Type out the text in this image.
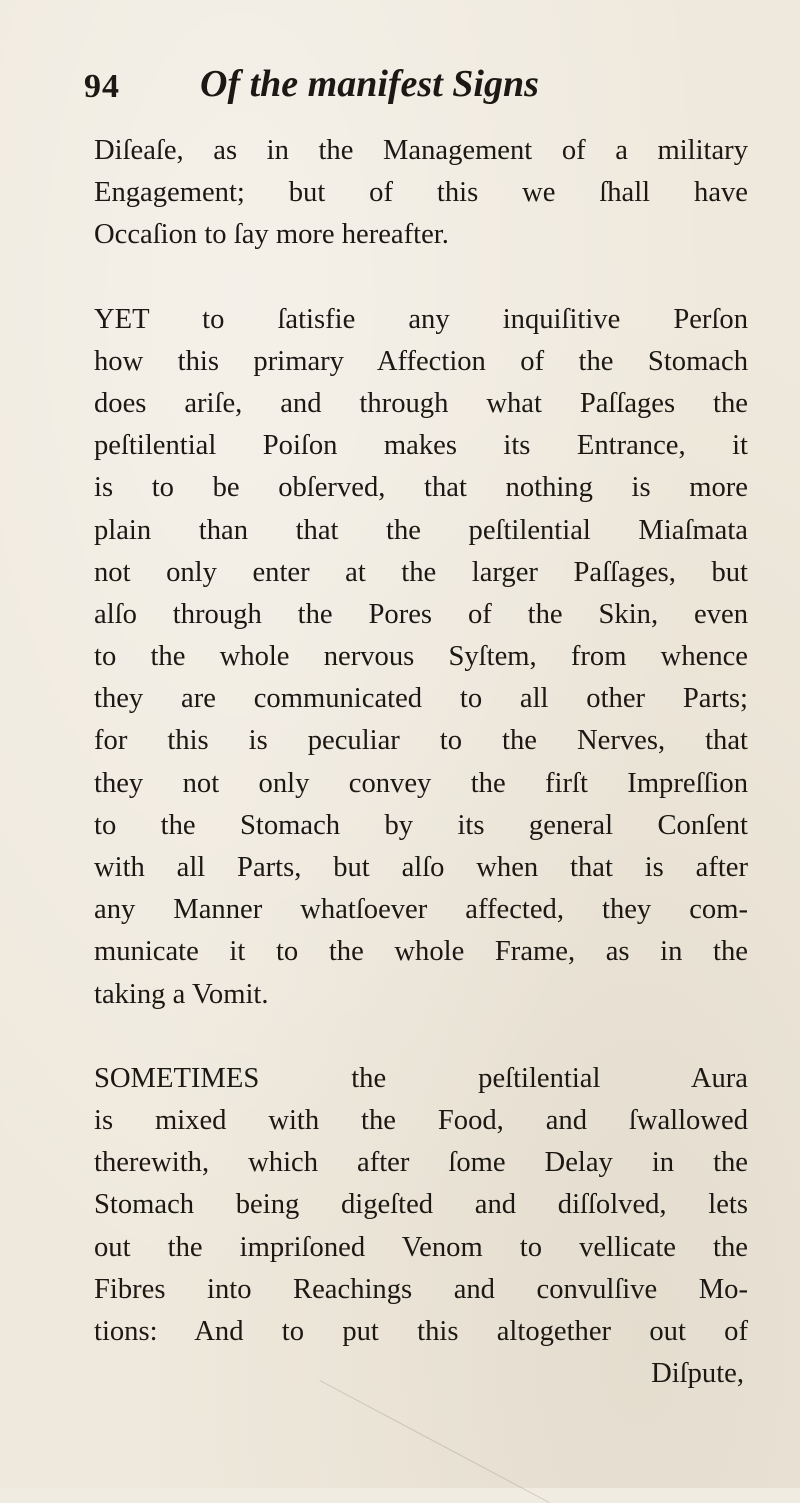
94 Of the manifest Signs
Diſeaſe, as in the Management of a military
Engagement; but of this we ſhall have
Occaſion to ſay more hereafter.
YET to ſatisfie any inquiſitive Perſon
how this primary Affection of the Stomach
does ariſe, and through what Paſſages the
peſtilential Poiſon makes its Entrance, it
is to be obſerved, that nothing is more
plain than that the peſtilential Miaſmata
not only enter at the larger Paſſages, but
alſo through the Pores of the Skin, even
to the whole nervous Syſtem, from whence
they are communicated to all other Parts;
for this is peculiar to the Nerves, that
they not only convey the firſt Impreſſion
to the Stomach by its general Conſent
with all Parts, but alſo when that is after
any Manner whatſoever affected, they com-
municate it to the whole Frame, as in the
taking a Vomit.
SOMETIMES the peſtilential Aura
is mixed with the Food, and ſwallowed
therewith, which after ſome Delay in the
Stomach being digeſted and diſſolved, lets
out the impriſoned Venom to vellicate the
Fibres into Reachings and convulſive Mo-
tions: And to put this altogether out of
Diſpute,
